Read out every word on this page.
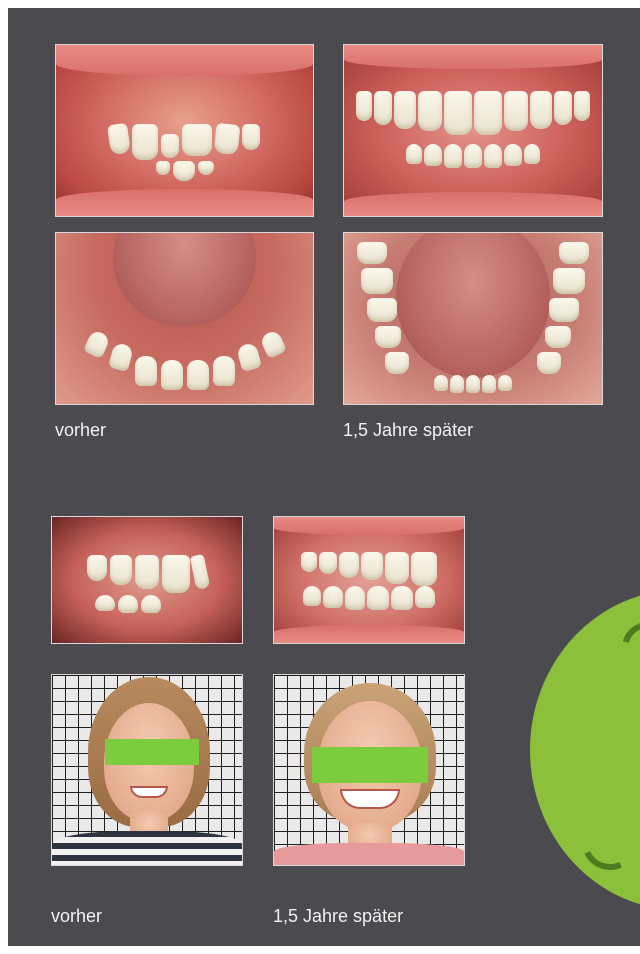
vorher	1,5 Jahre später
vorher	1,5 Jahre später
